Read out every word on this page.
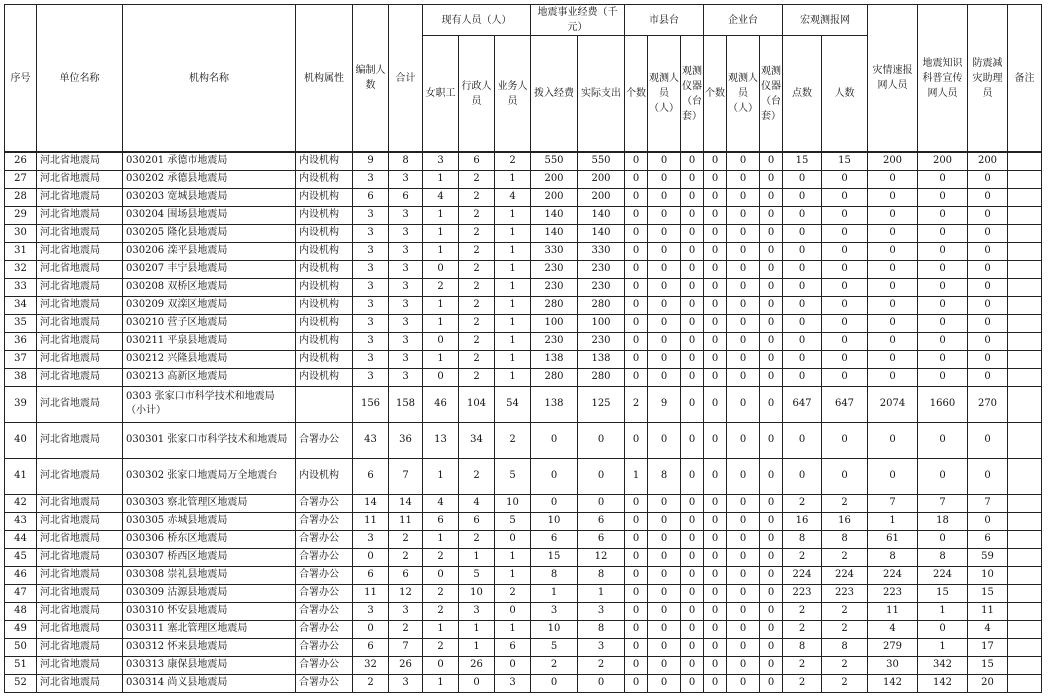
序号	单位名称	机构名称	机构属性	编制人数	合计	现有人员（人）			地震事业经费（千元）		市县台			企业台			宏观测报网		灾情速报网人员	地震知识科普宣传网人员	防震减灾助理员	备注
						女职工	行政人员	业务人员	拨入经费	实际支出	个数	观测人员（人）	观测仪器（台套）	个数	观测人员（人）	观测仪器（台套）	点数	人数				
26	河北省地震局	030201 承德市地震局	内设机构	9	8	3	6	2	550	550	0	0	0	0	0	0	15	15	200	200	200	
27	河北省地震局	030202 承德县地震局	内设机构	3	3	1	2	1	200	200	0	0	0	0	0	0	0	0	0	0	0	
28	河北省地震局	030203 宽城县地震局	内设机构	6	6	4	2	4	200	200	0	0	0	0	0	0	0	0	0	0	0	
29	河北省地震局	030204 围场县地震局	内设机构	3	3	1	2	1	140	140	0	0	0	0	0	0	0	0	0	0	0	
30	河北省地震局	030205 隆化县地震局	内设机构	3	3	1	2	1	140	140	0	0	0	0	0	0	0	0	0	0	0	
31	河北省地震局	030206 滦平县地震局	内设机构	3	3	1	2	1	330	330	0	0	0	0	0	0	0	0	0	0	0	
32	河北省地震局	030207 丰宁县地震局	内设机构	3	3	0	2	1	230	230	0	0	0	0	0	0	0	0	0	0	0	
33	河北省地震局	030208 双桥区地震局	内设机构	3	3	2	2	1	230	230	0	0	0	0	0	0	0	0	0	0	0	
34	河北省地震局	030209 双滦区地震局	内设机构	3	3	1	2	1	280	280	0	0	0	0	0	0	0	0	0	0	0	
35	河北省地震局	030210 营子区地震局	内设机构	3	3	1	2	1	100	100	0	0	0	0	0	0	0	0	0	0	0	
36	河北省地震局	030211 平泉县地震局	内设机构	3	3	0	2	1	230	230	0	0	0	0	0	0	0	0	0	0	0	
37	河北省地震局	030212 兴隆县地震局	内设机构	3	3	1	2	1	138	138	0	0	0	0	0	0	0	0	0	0	0	
38	河北省地震局	030213 高新区地震局	内设机构	3	3	0	2	1	280	280	0	0	0	0	0	0	0	0	0	0	0	
39	河北省地震局	0303 张家口市科学技术和地震局（小计）		156	158	46	104	54	138	125	2	9	0	0	0	0	647	647	2074	1660	270	
40	河北省地震局	030301 张家口市科学技术和地震局	合署办公	43	36	13	34	2	0	0	0	0	0	0	0	0	0	0	0	0	0	
41	河北省地震局	030302 张家口地震局万全地震台	内设机构	6	7	1	2	5	0	0	1	8	0	0	0	0	0	0	0	0	0	
42	河北省地震局	030303 察北管理区地震局	合署办公	14	14	4	4	10	0	0	0	0	0	0	0	0	2	2	7	7	7	
43	河北省地震局	030305 赤城县地震局	合署办公	11	11	6	6	5	10	6	0	0	0	0	0	0	16	16	1	18	0	
44	河北省地震局	030306 桥东区地震局	合署办公	3	2	1	2	0	6	6	0	0	0	0	0	0	8	8	61	0	6	
45	河北省地震局	030307 桥西区地震局	合署办公	0	2	2	1	1	15	12	0	0	0	0	0	0	2	2	8	8	59	
46	河北省地震局	030308 崇礼县地震局	合署办公	6	6	0	5	1	8	8	0	0	0	0	0	0	224	224	224	224	10	
47	河北省地震局	030309 沽源县地震局	合署办公	11	12	2	10	2	1	1	0	0	0	0	0	0	223	223	223	15	15	
48	河北省地震局	030310 怀安县地震局	合署办公	3	3	2	3	0	3	3	0	0	0	0	0	0	2	2	11	1	11	
49	河北省地震局	030311 塞北管理区地震局	合署办公	0	2	1	1	1	10	8	0	0	0	0	0	0	2	2	4	0	4	
50	河北省地震局	030312 怀来县地震局	合署办公	6	7	2	1	6	5	3	0	0	0	0	0	0	8	8	279	1	17	
51	河北省地震局	030313 康保县地震局	合署办公	32	26	0	26	0	2	2	0	0	0	0	0	0	2	2	30	342	15	
52	河北省地震局	030314 尚义县地震局	合署办公	2	3	1	0	3	0	0	0	0	0	0	0	0	2	2	142	142	20	
